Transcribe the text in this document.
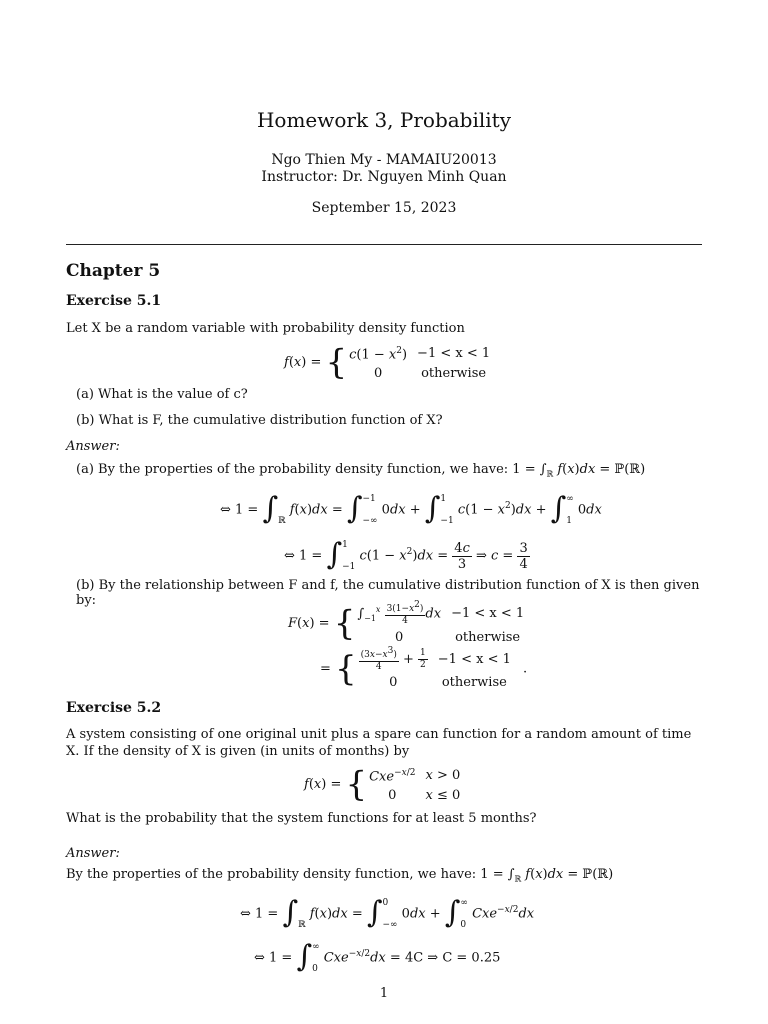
Homework 3, Probability
Ngo Thien My - MAMAIU20013
Instructor: Dr. Nguyen Minh Quan
September 15, 2023
Chapter 5
Exercise 5.1
Let X be a random variable with probability density function
f(x) = { $c(1 - x^2)$	−1 < x < 1
0	otherwise
(a) What is the value of c?
(b) What is F, the cumulative distribution function of X?
Answer:
(a) By the properties of the probability density function, we have: $1 = \int_ℝ$ f(x)dx = ℙ(ℝ)
⇔ 1 = ∫
ℝ
f(x)dx = ∫ −1
−∞
0dx + ∫ 1
−1
$c(1 - x^2)dx$ + ∫ ∞
1
0dx
⇔ 1 = ∫ 1
−1
$c(1 - x^2)dx = \frac{4c}{3}$ ⇒ $c = \frac{3}{4}$
(b) By the relationship between F and f, the cumulative distribution function of X is then given by:
F(x) = { $\int_{-1}^x \frac{3(1-x^2)}{4}$ dx	−1 < x < 1
0	otherwise
= { $\frac{(3x-x^3)}{4} + \frac{1}{2}$	−1 < x < 1
0	otherwise
.
Exercise 5.2
A system consisting of one original unit plus a spare can function for a random amount of time X. If the density of X is given (in units of months) by
f(x) = { Cxe$^{-x/2}$	x > 0
0	x ≤ 0
What is the probability that the system functions for at least 5 months?
Answer:
By the properties of the probability density function, we have: $1 = \int_ℝ$ f(x)dx = ℙ(ℝ)
⇔ 1 = ∫
ℝ
f(x)dx = ∫ 0
−∞
0dx + ∫ ∞
0
Cxe$^{-x/2}$dx
⇔ 1 = ∫ ∞
0
Cxe$^{-x/2}$dx = 4C ⇒ C = 0.25
1
